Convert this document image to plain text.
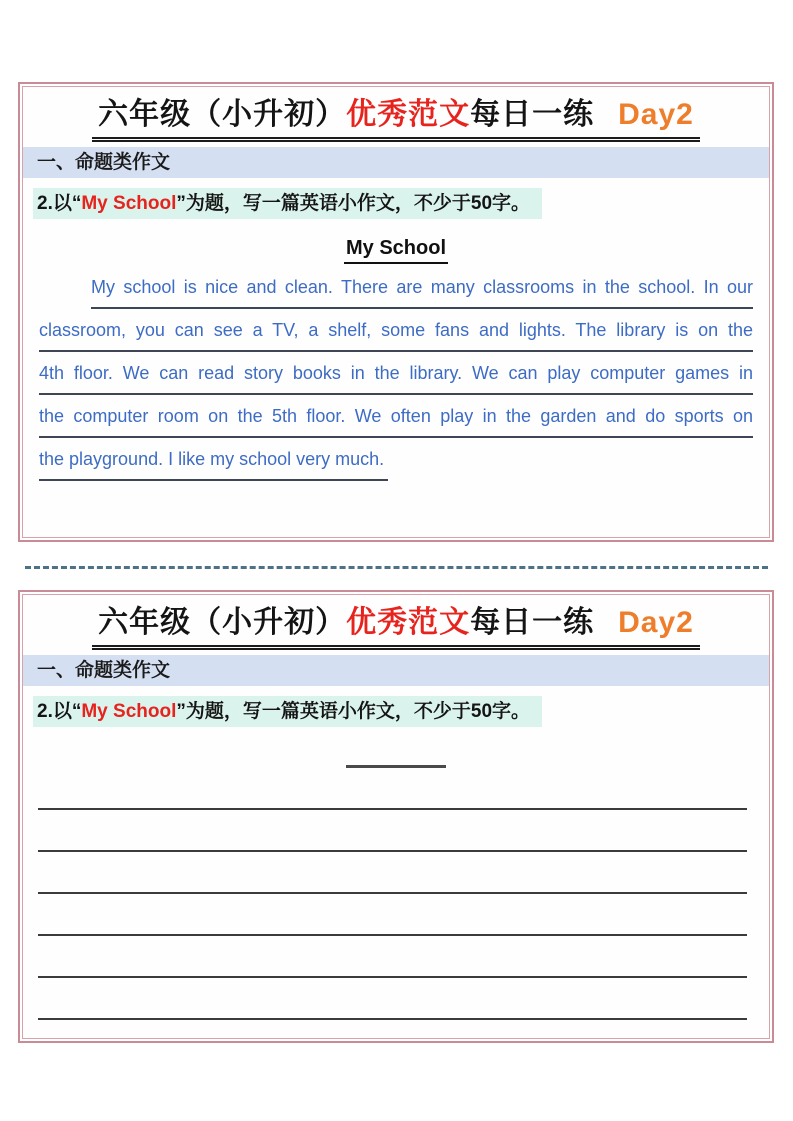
六年级（小升初）优秀范文每日一练 Day2
一、命题类作文
2.以“My School”为题，写一篇英语小作文，不少于50字。
My School
My school is nice and clean. There are many classrooms in the school. In our
classroom, you can see a TV, a shelf, some fans and lights. The library is on the
4th floor. We can read story books in the library. We can play computer games in
the computer room on the 5th floor. We often play in the garden and do sports on
the playground. I like my school very much.
六年级（小升初）优秀范文每日一练 Day2
一、命题类作文
2.以“My School”为题，写一篇英语小作文，不少于50字。
